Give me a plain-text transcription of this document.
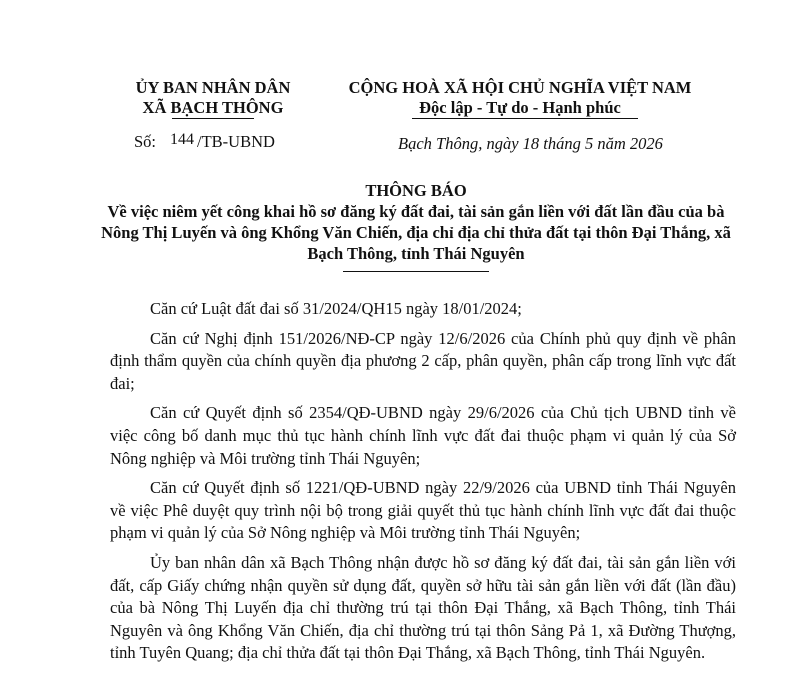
ỦY BAN NHÂN DÂN
XÃ BẠCH THÔNG
CỘNG HOÀ XÃ HỘI CHỦ NGHĨA VIỆT NAM
Độc lập - Tự do - Hạnh phúc
Số: 144 /TB-UBND	Bạch Thông, ngày 18 tháng 5 năm 2026
THÔNG BÁO
Về việc niêm yết công khai hồ sơ đăng ký đất đai, tài sản gắn liền với đất lần đầu của bà Nông Thị Luyến và ông Khổng Văn Chiến, địa chỉ địa chỉ thửa đất tại thôn Đại Thắng, xã Bạch Thông, tỉnh Thái Nguyên

Căn cứ Luật đất đai số 31/2024/QH15 ngày 18/01/2024;

Căn cứ Nghị định 151/2026/NĐ-CP ngày 12/6/2026 của Chính phủ quy định về phân định thẩm quyền của chính quyền địa phương 2 cấp, phân quyền, phân cấp trong lĩnh vực đất đai;

Căn cứ Quyết định số 2354/QĐ-UBND ngày 29/6/2026 của Chủ tịch UBND tỉnh về việc công bố danh mục thủ tục hành chính lĩnh vực đất đai thuộc phạm vi quản lý của Sở Nông nghiệp và Môi trường tỉnh Thái Nguyên;

Căn cứ Quyết định số 1221/QĐ-UBND ngày 22/9/2026 của UBND tỉnh Thái Nguyên về việc Phê duyệt quy trình nội bộ trong giải quyết thủ tục hành chính lĩnh vực đất đai thuộc phạm vi quản lý của Sở Nông nghiệp và Môi trường tỉnh Thái Nguyên;

Ủy ban nhân dân xã Bạch Thông nhận được hồ sơ đăng ký đất đai, tài sản gắn liền với đất, cấp Giấy chứng nhận quyền sử dụng đất, quyền sở hữu tài sản gắn liền với đất (lần đầu) của bà Nông Thị Luyến địa chỉ thường trú tại thôn Đại Thắng, xã Bạch Thông, tỉnh Thái Nguyên và ông Khổng Văn Chiến, địa chỉ thường trú tại thôn Sảng Pả 1, xã Đường Thượng, tỉnh Tuyên Quang; địa chỉ thửa đất tại thôn Đại Thắng, xã Bạch Thông, tỉnh Thái Nguyên.
